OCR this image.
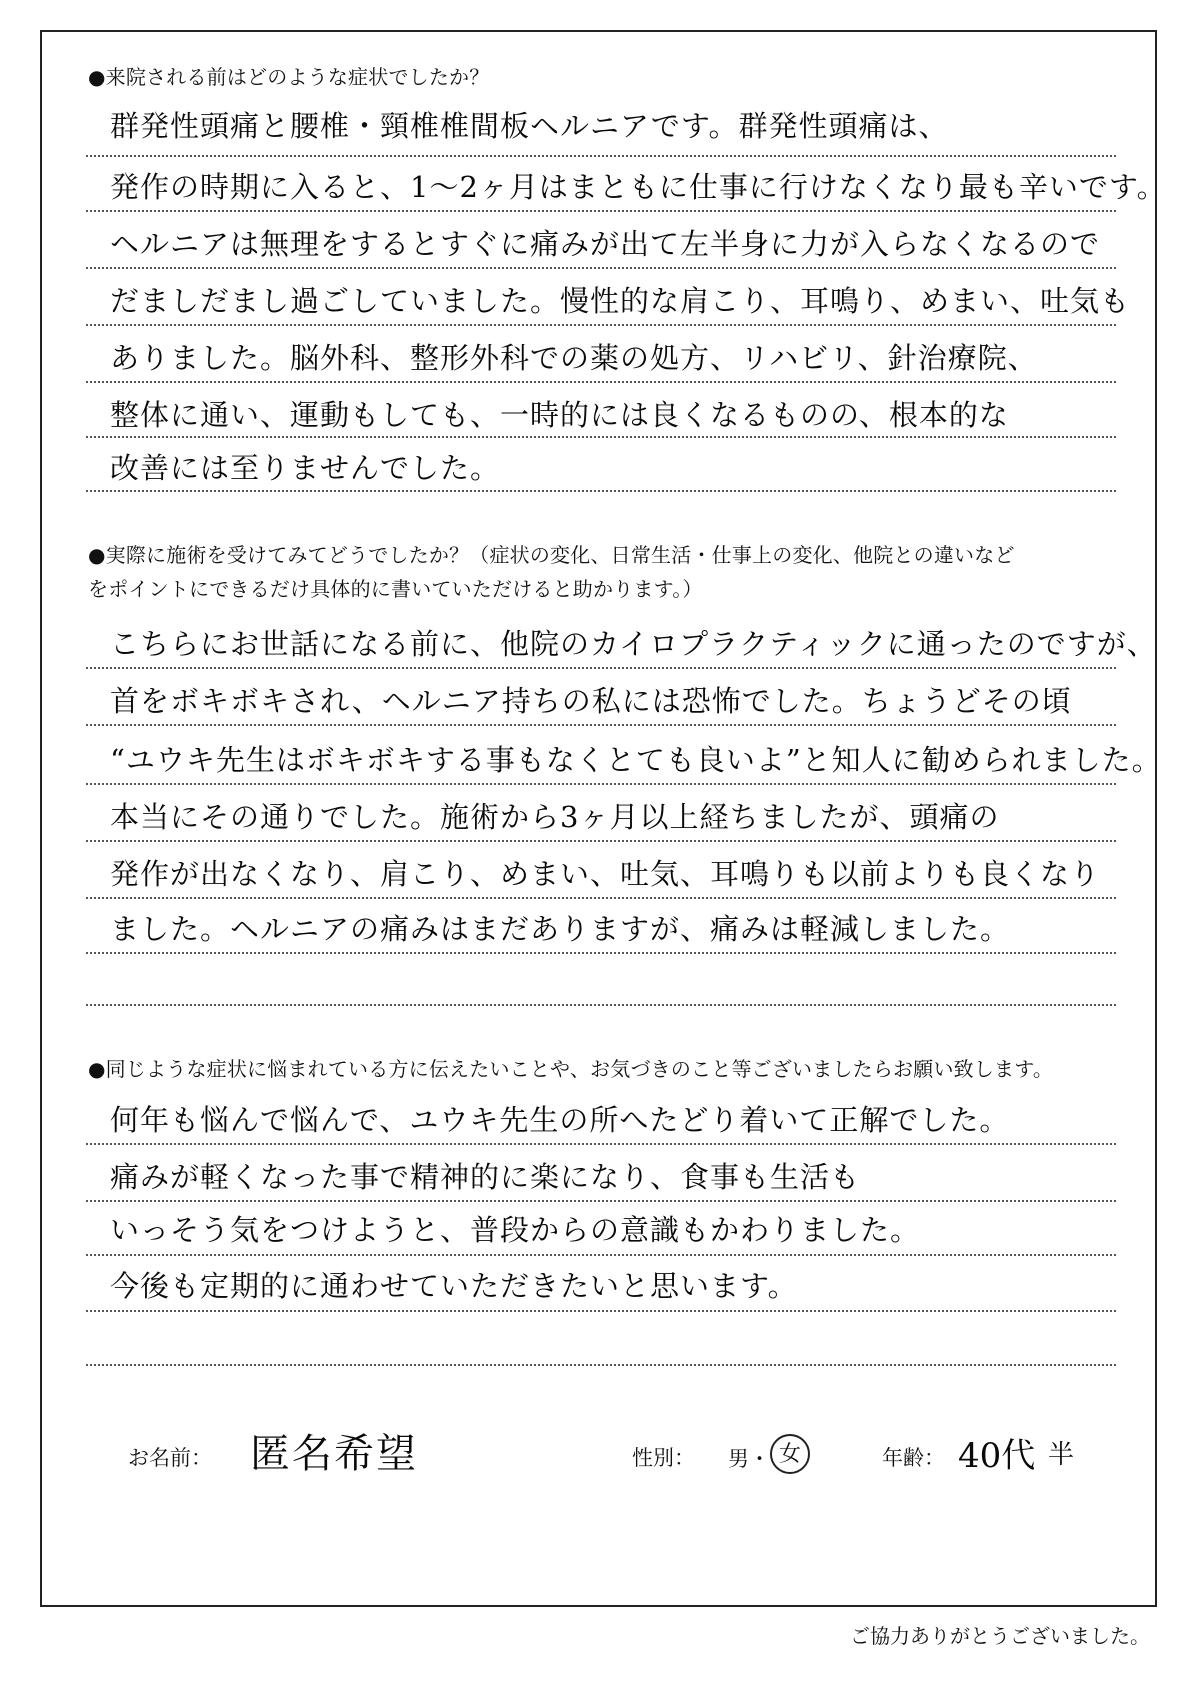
●来院される前はどのような症状でしたか？
群発性頭痛と腰椎・頸椎椎間板ヘルニアです。群発性頭痛は、
発作の時期に入ると、1〜2ヶ月はまともに仕事に行けなくなり最も辛いです。
ヘルニアは無理をするとすぐに痛みが出て左半身に力が入らなくなるので
だましだまし過ごしていました。慢性的な肩こり、耳鳴り、めまい、吐気も
ありました。脳外科、整形外科での薬の処方、リハビリ、針治療院、
整体に通い、運動もしても、一時的には良くなるものの、根本的な
改善には至りませんでした。
●実際に施術を受けてみてどうでしたか？（症状の変化、日常生活・仕事上の変化、他院との違いなど
をポイントにできるだけ具体的に書いていただけると助かります。）
こちらにお世話になる前に、他院のカイロプラクティックに通ったのですが、
首をボキボキされ、ヘルニア持ちの私には恐怖でした。ちょうどその頃
“ユウキ先生はボキボキする事もなくとても良いよ”と知人に勧められました。
本当にその通りでした。施術から3ヶ月以上経ちましたが、頭痛の
発作が出なくなり、肩こり、めまい、吐気、耳鳴りも以前よりも良くなり
ました。ヘルニアの痛みはまだありますが、痛みは軽減しました。
●同じような症状に悩まれている方に伝えたいことや、お気づきのこと等ございましたらお願い致します。
何年も悩んで悩んで、ユウキ先生の所へたどり着いて正解でした。
痛みが軽くなった事で精神的に楽になり、食事も生活も
いっそう気をつけようと、普段からの意識もかわりました。
今後も定期的に通わせていただきたいと思います。
お名前： 匿名希望	性別： 男 ・ 女	年齢： 40代 半
ご協力ありがとうございました。
